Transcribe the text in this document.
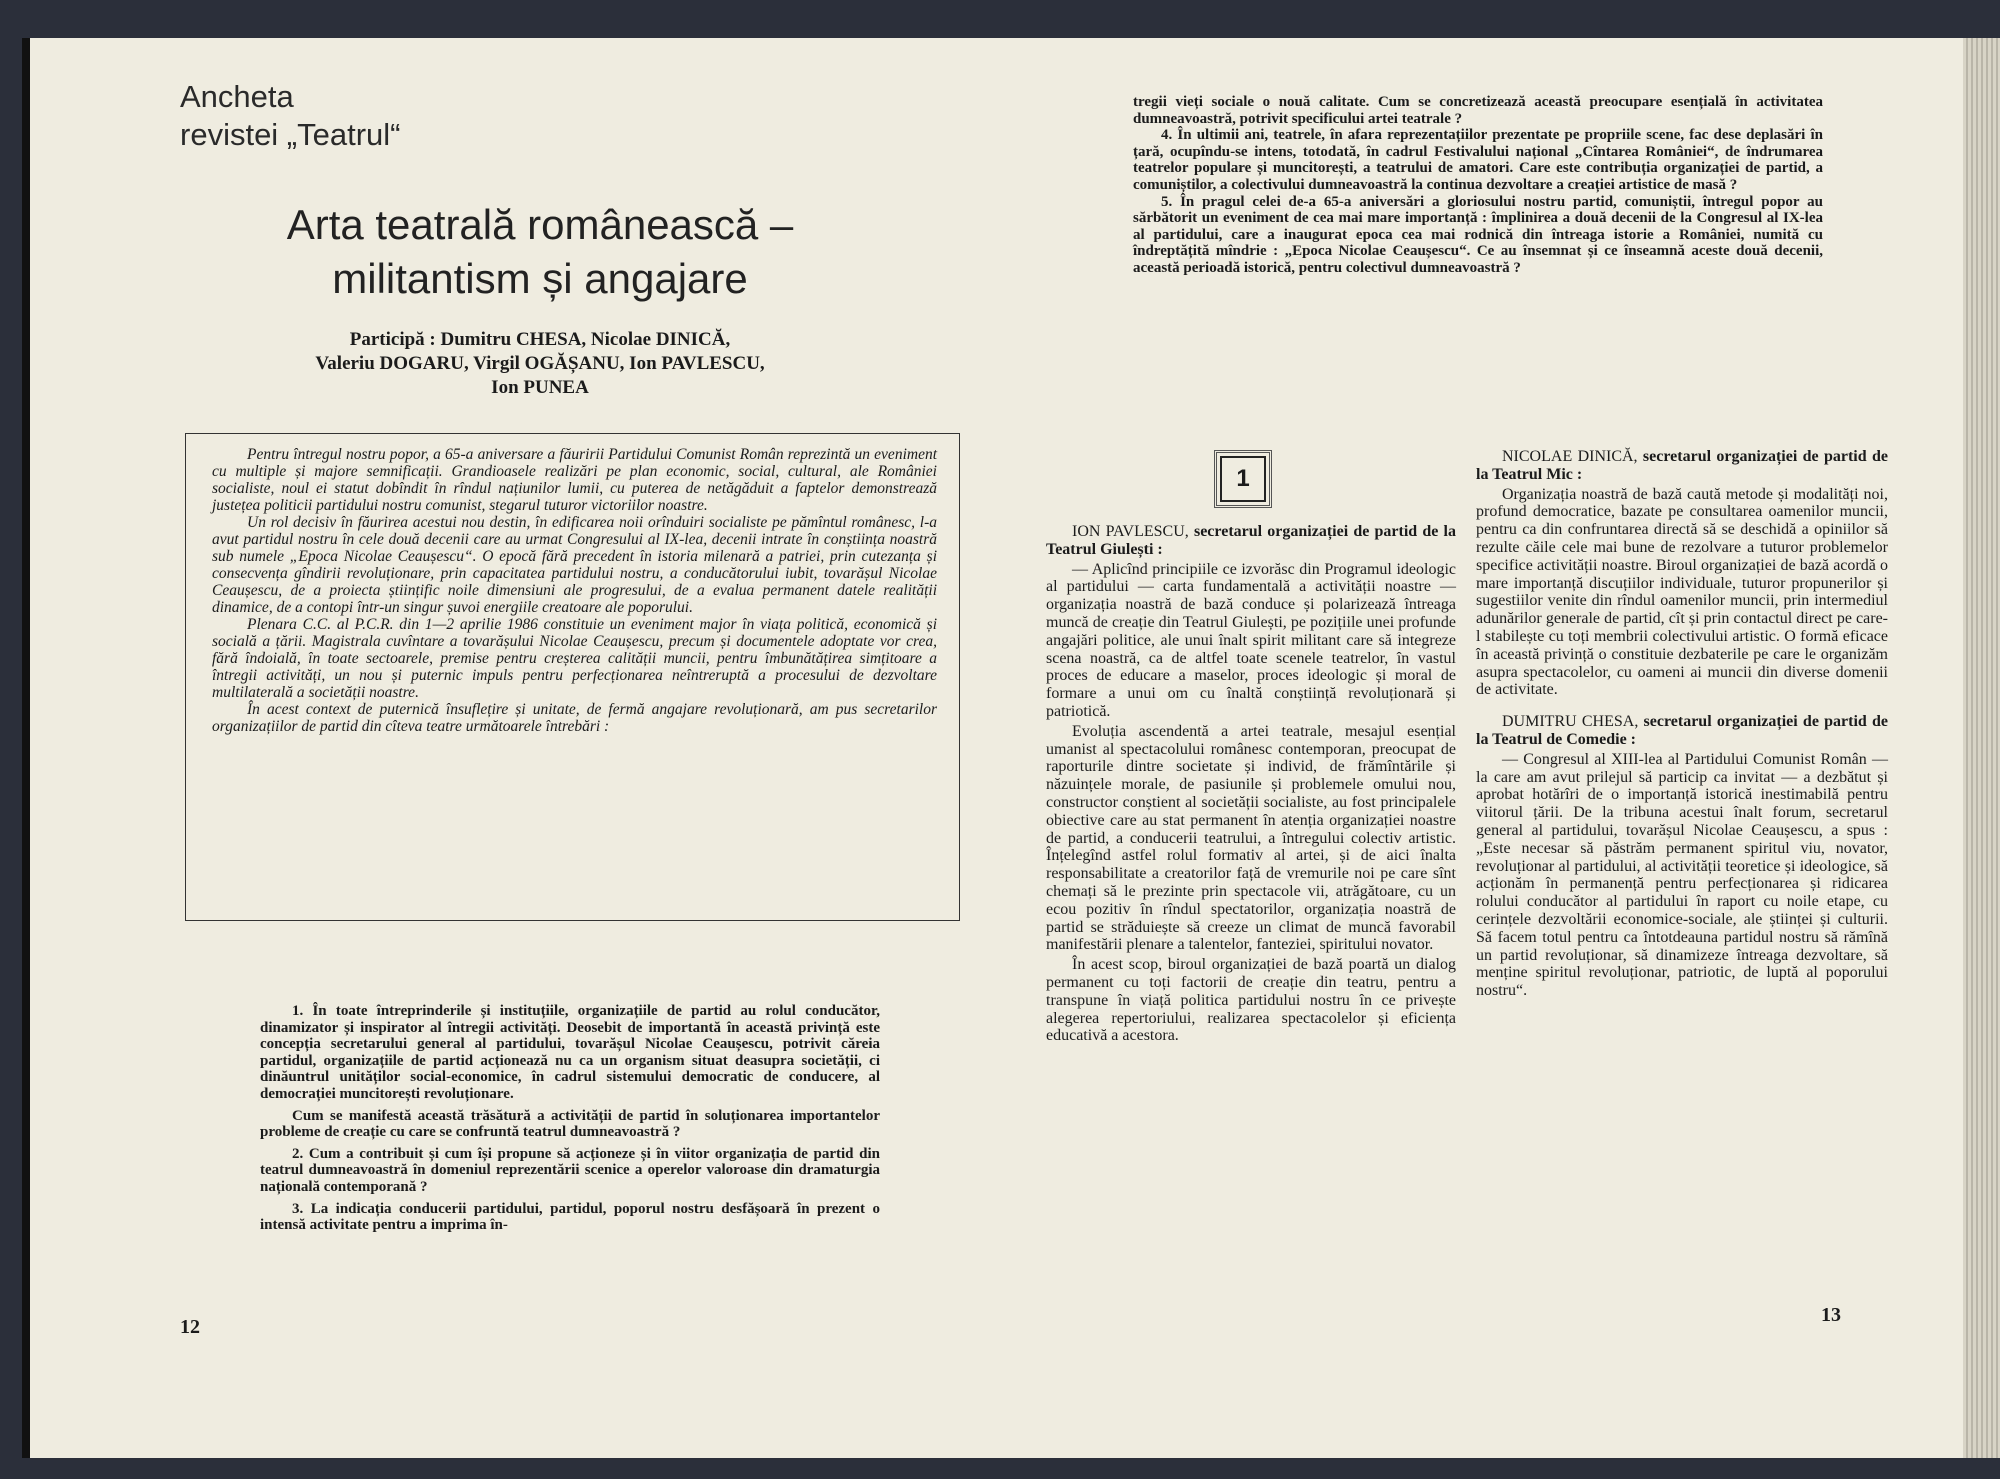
Ancheta
revistei „Teatrul“
Arta teatrală românească –
militantism și angajare
Participă : Dumitru CHESA, Nicolae DINICĂ,
Valeriu DOGARU, Virgil OGĂȘANU, Ion PAVLESCU,
Ion PUNEA

Pentru întregul nostru popor, a 65-a aniversare a făuririi Partidului Comunist Român reprezintă un eveniment cu multiple și majore semnificații. Grandioasele realizări pe plan economic, social, cultural, ale României socialiste, noul ei statut dobîndit în rîndul națiunilor lumii, cu puterea de netăgăduit a faptelor demonstrează justețea politicii partidului nostru comunist, stegarul tuturor victoriilor noastre.

Un rol decisiv în făurirea acestui nou destin, în edificarea noii orînduiri socialiste pe pămîntul românesc, l-a avut partidul nostru în cele două decenii care au urmat Congresului al IX-lea, decenii intrate în conștiința noastră sub numele „Epoca Nicolae Ceaușescu“. O epocă fără precedent în istoria milenară a patriei, prin cutezanța și consecvența gîndirii revoluționare, prin capacitatea partidului nostru, a conducătorului iubit, tovarășul Nicolae Ceaușescu, de a proiecta științific noile dimensiuni ale progresului, de a evalua permanent datele realității dinamice, de a contopi într-un singur șuvoi energiile creatoare ale poporului.

Plenara C.C. al P.C.R. din 1—2 aprilie 1986 constituie un eveniment major în viața politică, economică și socială a țării. Magistrala cuvîntare a tovarășului Nicolae Ceaușescu, precum și documentele adoptate vor crea, fără îndoială, în toate sectoarele, premise pentru creșterea calității muncii, pentru îmbunătățirea simțitoare a întregii activități, un nou și puternic impuls pentru perfecționarea neîntreruptă a procesului de dezvoltare multilaterală a societății noastre.

În acest context de puternică însuflețire și unitate, de fermă angajare revoluționară, am pus secretarilor organizațiilor de partid din cîteva teatre următoarele întrebări :

1. În toate întreprinderile și instituțiile, organizațiile de partid au rolul conducător, dinamizator și inspirator al întregii activități. Deosebit de importantă în această privință este concepția secretarului general al partidului, tovarășul Nicolae Ceaușescu, potrivit căreia partidul, organizațiile de partid acționează nu ca un organism situat deasupra societății, ci dinăuntrul unităților social-economice, în cadrul sistemului democratic de conducere, al democrației muncitorești revoluționare.

Cum se manifestă această trăsătură a activității de partid în soluționarea importantelor probleme de creație cu care se confruntă teatrul dumneavoastră ?

2. Cum a contribuit și cum își propune să acționeze și în viitor organizația de partid din teatrul dumneavoastră în domeniul reprezentării scenice a operelor valoroase din dramaturgia națională contemporană ?

3. La indicația conducerii partidului, partidul, poporul nostru desfășoară în prezent o intensă activitate pentru a imprima în-

12

tregii vieți sociale o nouă calitate. Cum se concretizează această preocupare esențială în activitatea dumneavoastră, potrivit specificului artei teatrale ?

4. În ultimii ani, teatrele, în afara reprezentațiilor prezentate pe propriile scene, fac dese deplasări în țară, ocupîndu-se intens, totodată, în cadrul Festivalului național „Cîntarea României“, de îndrumarea teatrelor populare și muncitorești, a teatrului de amatori. Care este contribuția organizației de partid, a comuniștilor, a colectivului dumneavoastră la continua dezvoltare a creației artistice de masă ?

5. În pragul celei de-a 65-a aniversări a gloriosului nostru partid, comuniștii, întregul popor au sărbătorit un eveniment de cea mai mare importanță : împlinirea a două decenii de la Congresul al IX-lea al partidului, care a inaugurat epoca cea mai rodnică din întreaga istorie a României, numită cu îndreptățită mîndrie : „Epoca Nicolae Ceaușescu“. Ce au însemnat și ce înseamnă aceste două decenii, această perioadă istorică, pentru colectivul dumneavoastră ?

1

ION PAVLESCU, secretarul organizației de partid de la Teatrul Giulești :

— Aplicînd principiile ce izvorăsc din Programul ideologic al partidului — carta fundamentală a activității noastre — organizația noastră de bază conduce și polarizează întreaga muncă de creație din Teatrul Giulești, pe pozițiile unei profunde angajări politice, ale unui înalt spirit militant care să integreze scena noastră, ca de altfel toate scenele teatrelor, în vastul proces de educare a maselor, proces ideologic și moral de formare a unui om cu înaltă conștiință revoluționară și patriotică.

Evoluția ascendentă a artei teatrale, mesajul esențial umanist al spectacolului românesc contemporan, preocupat de raporturile dintre societate și individ, de frămîntările și năzuințele morale, de pasiunile și problemele omului nou, constructor conștient al societății socialiste, au fost principalele obiective care au stat permanent în atenția organizației noastre de partid, a conducerii teatrului, a întregului colectiv artistic. Înțelegînd astfel rolul formativ al artei, și de aici înalta responsabilitate a creatorilor față de vremurile noi pe care sînt chemați să le prezinte prin spectacole vii, atrăgătoare, cu un ecou pozitiv în rîndul spectatorilor, organizația noastră de partid se străduiește să creeze un climat de muncă favorabil manifestării plenare a talentelor, fanteziei, spiritului novator.

În acest scop, biroul organizației de bază poartă un dialog permanent cu toți factorii de creație din teatru, pentru a transpune în viață politica partidului nostru în ce privește alegerea repertoriului, realizarea spectacolelor și eficiența educativă a acestora.

NICOLAE DINICĂ, secretarul organizației de partid de la Teatrul Mic :

Organizația noastră de bază caută metode și modalități noi, profund democratice, bazate pe consultarea oamenilor muncii, pentru ca din confruntarea directă să se deschidă a opiniilor să rezulte căile cele mai bune de rezolvare a tuturor problemelor specifice activității noastre. Biroul organizației de bază acordă o mare importanță discuțiilor individuale, tuturor propunerilor și sugestiilor venite din rîndul oamenilor muncii, prin intermediul adunărilor generale de partid, cît și prin contactul direct pe care-l stabilește cu toți membrii colectivului artistic. O formă eficace în această privință o constituie dezbaterile pe care le organizăm asupra spectacolelor, cu oameni ai muncii din diverse domenii de activitate.

DUMITRU CHESA, secretarul organizației de partid de la Teatrul de Comedie :

— Congresul al XIII-lea al Partidului Comunist Român — la care am avut prilejul să particip ca invitat — a dezbătut și aprobat hotărîri de o importanță istorică inestimabilă pentru viitorul țării. De la tribuna acestui înalt forum, secretarul general al partidului, tovarășul Nicolae Ceaușescu, a spus : „Este necesar să păstrăm permanent spiritul viu, novator, revoluționar al partidului, al activității teoretice și ideologice, să acționăm în permanență pentru perfecționarea și ridicarea rolului conducător al partidului în raport cu noile etape, cu cerințele dezvoltării economice-sociale, ale științei și culturii. Să facem totul pentru ca întotdeauna partidul nostru să rămînă un partid revoluționar, să dinamizeze întreaga dezvoltare, să menține spiritul revoluționar, patriotic, de luptă al poporului nostru“.

13
